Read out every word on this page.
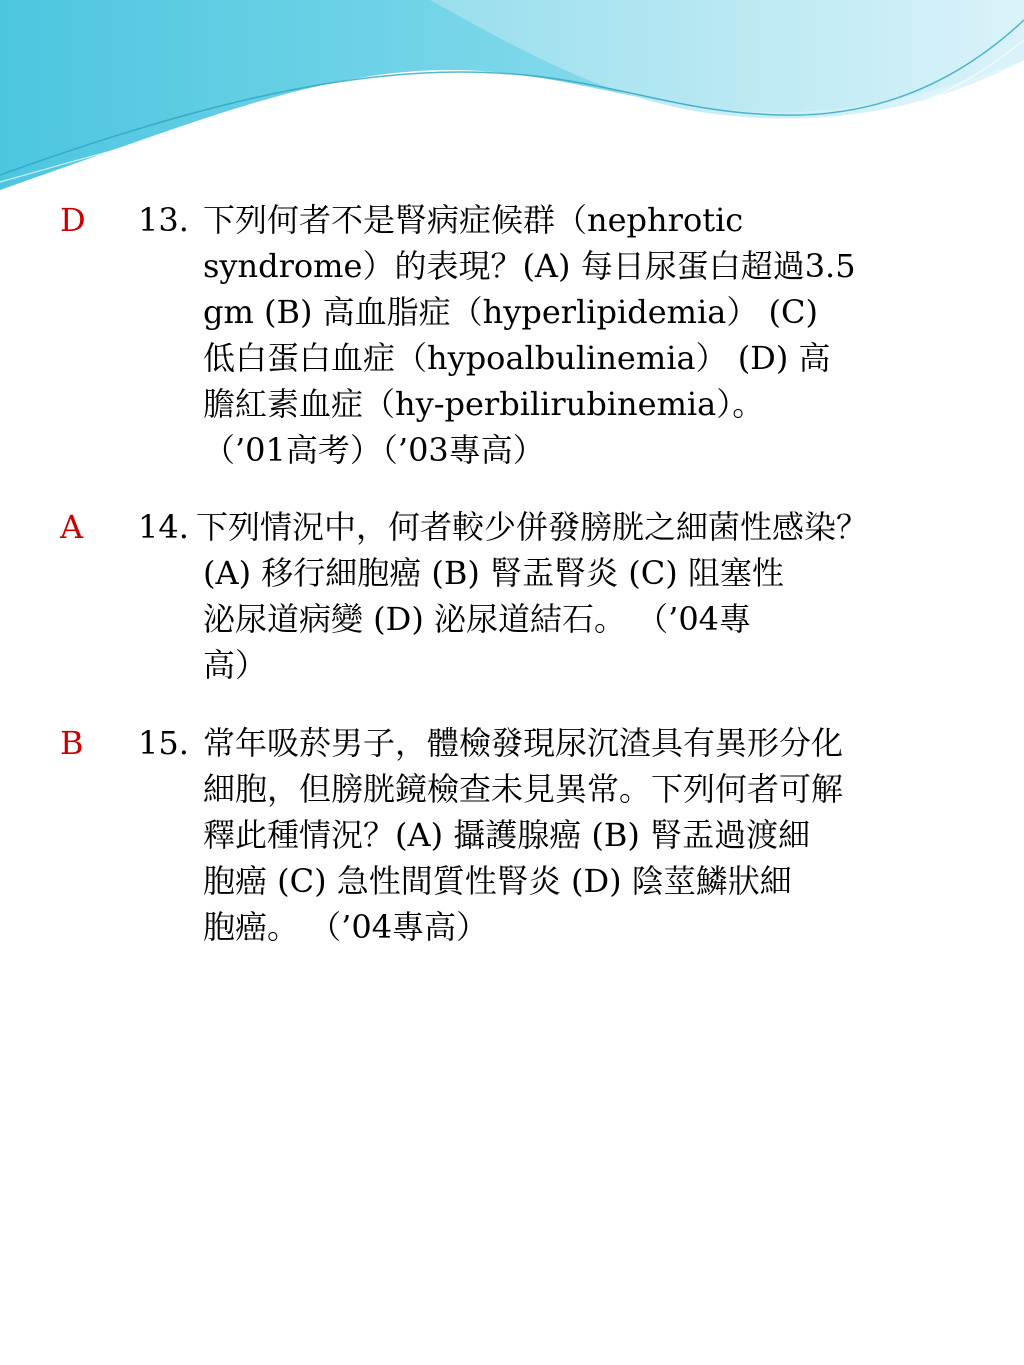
D 13. 下列何者不是腎病症候群（nephrotic
syndrome）的表現？(A) 每日尿蛋白超過3.5
gm (B) 高血脂症（hyperlipidemia） (C)
低白蛋白血症（hypoalbulinemia） (D) 高
膽紅素血症（hy-perbilirubinemia）。
（’01高考）（’03專高）
A 14. 下列情況中，何者較少併發膀胱之細菌性感染？
(A) 移行細胞癌 (B) 腎盂腎炎 (C) 阻塞性
泌尿道病變 (D) 泌尿道結石。 （’04專
高）
B 15. 常年吸菸男子，體檢發現尿沉渣具有異形分化
細胞，但膀胱鏡檢查未見異常。下列何者可解
釋此種情況？(A) 攝護腺癌 (B) 腎盂過渡細
胞癌 (C) 急性間質性腎炎 (D) 陰莖鱗狀細
胞癌。 （’04專高）
